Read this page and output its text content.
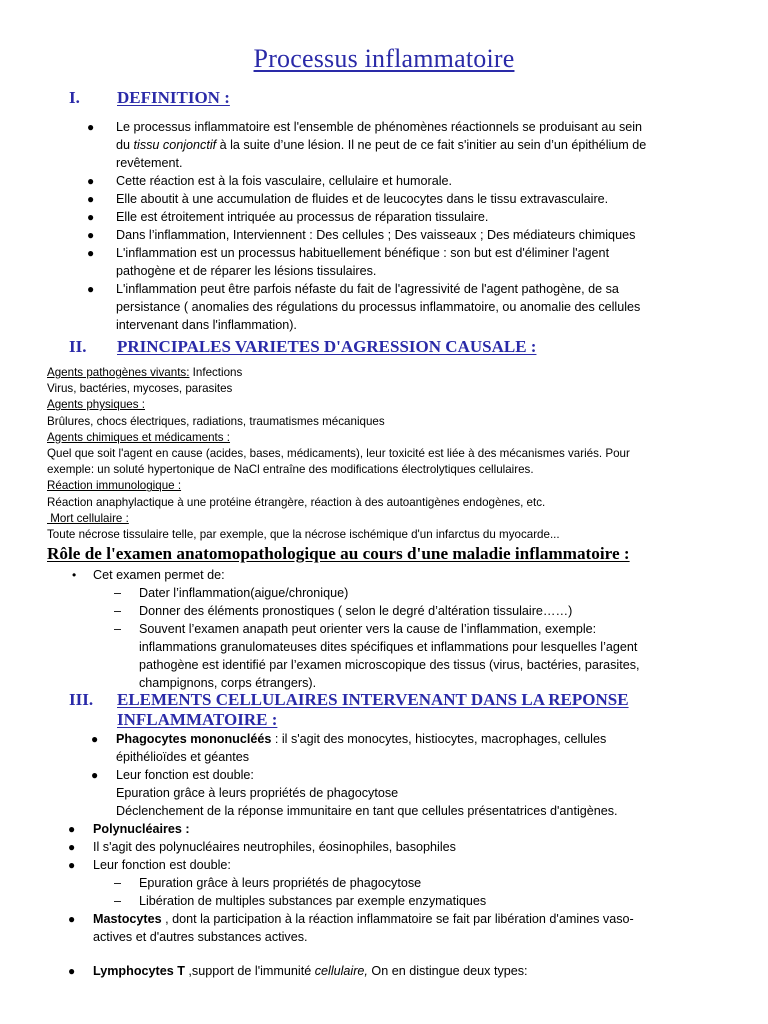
Processus inflammatoire
I. DEFINITION :
● Le processus inflammatoire est l'ensemble de phénomènes réactionnels se produisant au sein
du tissu conjonctif à la suite d’une lésion. Il ne peut de ce fait s'initier au sein d’un épithélium de
revêtement.
● Cette réaction est à la fois vasculaire, cellulaire et humorale.
● Elle aboutit à une accumulation de fluides et de leucocytes dans le tissu extravasculaire.
● Elle est étroitement intriquée au processus de réparation tissulaire.
● Dans l’inflammation, Interviennent : Des cellules ; Des vaisseaux ; Des médiateurs chimiques
● L'inflammation est un processus habituellement bénéfique : son but est d'éliminer l'agent
pathogène et de réparer les lésions tissulaires.
● L'inflammation peut être parfois néfaste du fait de l'agressivité de l'agent pathogène, de sa
persistance ( anomalies des régulations du processus inflammatoire, ou anomalie des cellules
intervenant dans l'inflammation).
II. PRINCIPALES VARIETES D'AGRESSION CAUSALE :
Agents pathogènes vivants: Infections
Virus, bactéries, mycoses, parasites
Agents physiques :
Brûlures, chocs électriques, radiations, traumatismes mécaniques
Agents chimiques et médicaments :
Quel que soit l'agent en cause (acides, bases, médicaments), leur toxicité est liée à des mécanismes variés. Pour
exemple: un soluté hypertonique de NaCl entraîne des modifications électrolytiques cellulaires.
Réaction immunologique :
Réaction anaphylactique à une protéine étrangère, réaction à des autoantigènes endogènes, etc.
Mort cellulaire :
Toute nécrose tissulaire telle, par exemple, que la nécrose ischémique d'un infarctus du myocarde...
Rôle de l'examen anatomopathologique au cours d'une maladie inflammatoire :
• Cet examen permet de:
– Dater l’inflammation(aigue/chronique)
– Donner des éléments pronostiques ( selon le degré d’altération tissulaire……)
– Souvent l’examen anapath peut orienter vers la cause de l’inflammation, exemple:
inflammations granulomateuses dites spécifiques et inflammations pour lesquelles l’agent
pathogène est identifié par l’examen microscopique des tissus (virus, bactéries, parasites,
champignons, corps étrangers).
III. ELEMENTS CELLULAIRES INTERVENANT DANS LA REPONSE
INFLAMMATOIRE :
● Phagocytes mononucléés : il s'agit des monocytes, histiocytes, macrophages, cellules
épithélioïdes et géantes
● Leur fonction est double:
Epuration grâce à leurs propriétés de phagocytose
Déclenchement de la réponse immunitaire en tant que cellules présentatrices d'antigènes.
● Polynucléaires :
● Il s'agit des polynucléaires neutrophiles, éosinophiles, basophiles
● Leur fonction est double:
– Epuration grâce à leurs propriétés de phagocytose
– Libération de multiples substances par exemple enzymatiques
● Mastocytes , dont la participation à la réaction inflammatoire se fait par libération d'amines vaso-
actives et d'autres substances actives.
● Lymphocytes T ,support de l'immunité cellulaire, On en distingue deux types:
